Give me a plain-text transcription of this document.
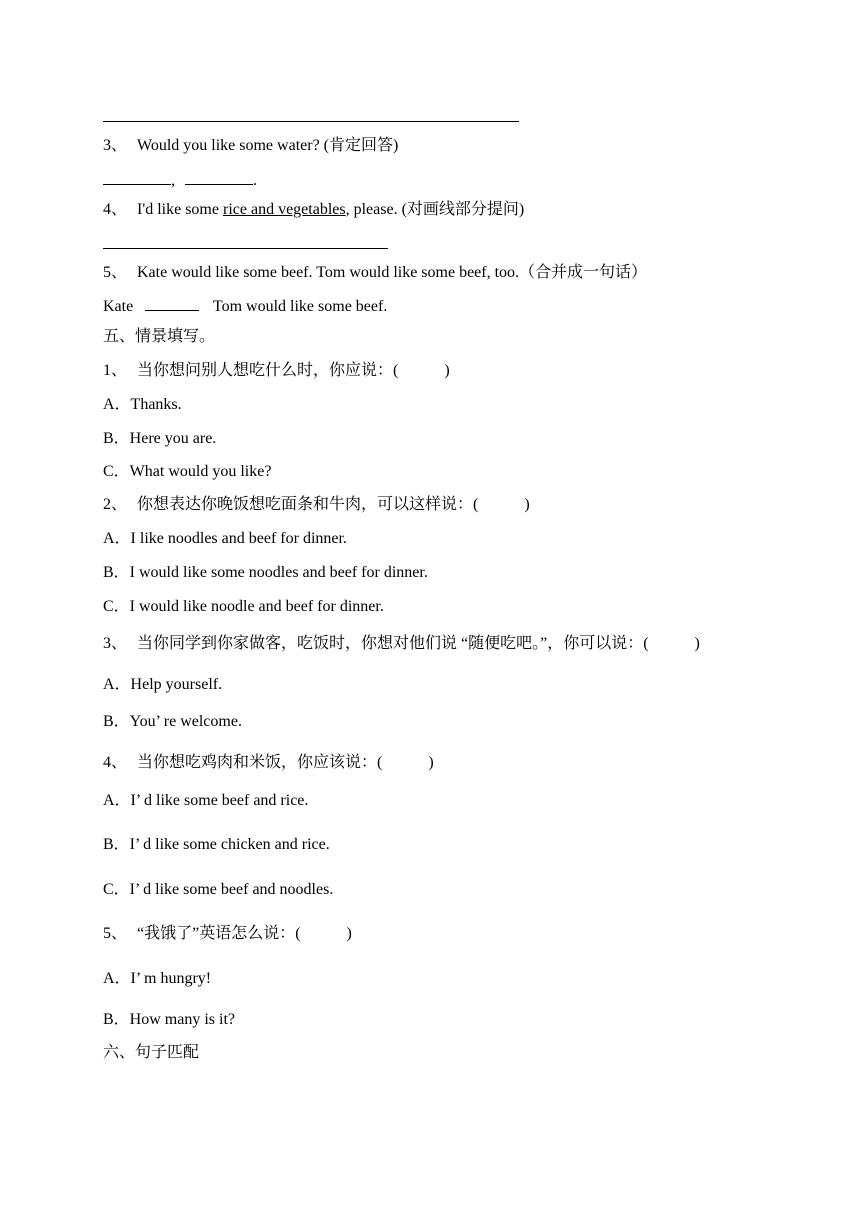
3、 Would you like some water? (肯定回答)
,	.
4、 I'd like some rice and vegetables, please. (对画线部分提问)
5、 Kate would like some beef. Tom would like some beef, too.（合并成一句话）
Kate	Tom would like some beef.
五、情景填写。
1、 当你想问别人想吃什么时，你应说：(	)
A．Thanks.
B．Here you are.
C．What would you like?
2、 你想表达你晚饭想吃面条和牛肉，可以这样说：(	)
A．I like noodles and beef for dinner.
B．I would like some noodles and beef for dinner.
C．I would like noodle and beef for dinner.
3、 当你同学到你家做客，吃饭时，你想对他们说 “随便吃吧。”，你可以说：(	)
A．Help yourself.
B．You’ re welcome.
4、 当你想吃鸡肉和米饭，你应该说：(	)
A．I’ d like some beef and rice.
B．I’ d like some chicken and rice.
C．I’ d like some beef and noodles.
5、 “我饿了”英语怎么说：(	)
A．I’ m hungry!
B．How many is it?
六、句子匹配
